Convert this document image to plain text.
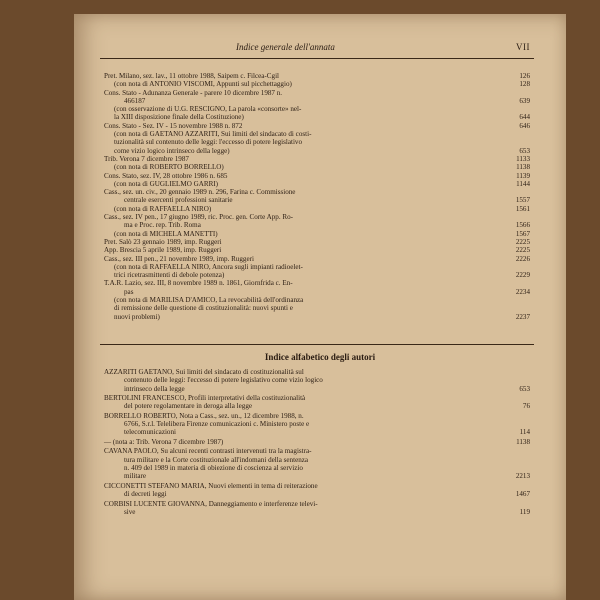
Indice generale dell'annata	VII
Pret. Milano, sez. lav., 11 ottobre 1988, Saipem c. Filcea-Cgil	126
(con nota di ANTONIO VISCOMI, Appunti sul picchettaggio)	128
Cons. Stato - Adunanza Generale - parere 10 dicembre 1987 n.
466187	639
(con osservazione di U.G. RESCIGNO, La parola «consorte» nel-
la XIII disposizione finale della Costituzione)	644
Cons. Stato - Sez. IV - 15 novembre 1988 n. 872	646
(con nota di GAETANO AZZARITI, Sui limiti del sindacato di costi-
tuzionalità sul contenuto delle leggi: l'eccesso di potere legislativo
come vizio logico intrinseco della legge)	653
Trib. Verona 7 dicembre 1987	1133
(con nota di ROBERTO BORRELLO)	1138
Cons. Stato, sez. IV, 28 ottobre 1986 n. 685	1139
(con nota di GUGLIELMO GARRI)	1144
Cass., sez. un. civ., 20 gennaio 1989 n. 296, Farina c. Commissione
centrale esercenti professioni sanitarie	1557
(con nota di RAFFAELLA NIRO)	1561
Cass., sez. IV pen., 17 giugno 1989, ric. Proc. gen. Corte App. Ro-
ma e Proc. rep. Trib. Roma	1566
(con nota di MICHELA MANETTI)	1567
Pret. Salò 23 gennaio 1989, imp. Ruggeri	2225
App. Brescia 5 aprile 1989, imp. Ruggeri	2225
Cass., sez. III pen., 21 novembre 1989, imp. Ruggeri	2226
(con nota di RAFFAELLA NIRO, Ancora sugli impianti radioelet-
trici ricetrasmittenti di debole potenza)	2229
T.A.R. Lazio, sez. III, 8 novembre 1989 n. 1861, Giornfrida c. En-
pas	2234
(con nota di MARILISA D'AMICO, La revocabilità dell'ordinanza
di remissione delle questione di costituzionalità: nuovi spunti e
nuovi problemi)	2237
Indice alfabetico degli autori
AZZARITI GAETANO, Sui limiti del sindacato di costituzionalità sul
contenuto delle leggi: l'eccesso di potere legislativo come vizio logico
intrinseco della legge	653
BERTOLINI FRANCESCO, Profili interpretativi della costituzionalità
del potere regolamentare in deroga alla legge	76
BORRELLO ROBERTO, Nota a Cass., sez. un., 12 dicembre 1988, n.
6766, S.r.l. Telelibera Firenze comunicazioni c. Ministero poste e
telecomunicazioni	114
— (nota a: Trib. Verona 7 dicembre 1987)	1138
CAVANA PAOLO, Su alcuni recenti contrasti intervenuti tra la magistra-
tura militare e la Corte costituzionale all'indomani della sentenza
n. 409 del 1989 in materia di obiezione di coscienza al servizio
militare	2213
CICCONETTI STEFANO MARIA, Nuovi elementi in tema di reiterazione
di decreti leggi	1467
CORBISI LUCENTE GIOVANNA, Danneggiamento e interferenze televi-
sive	119
